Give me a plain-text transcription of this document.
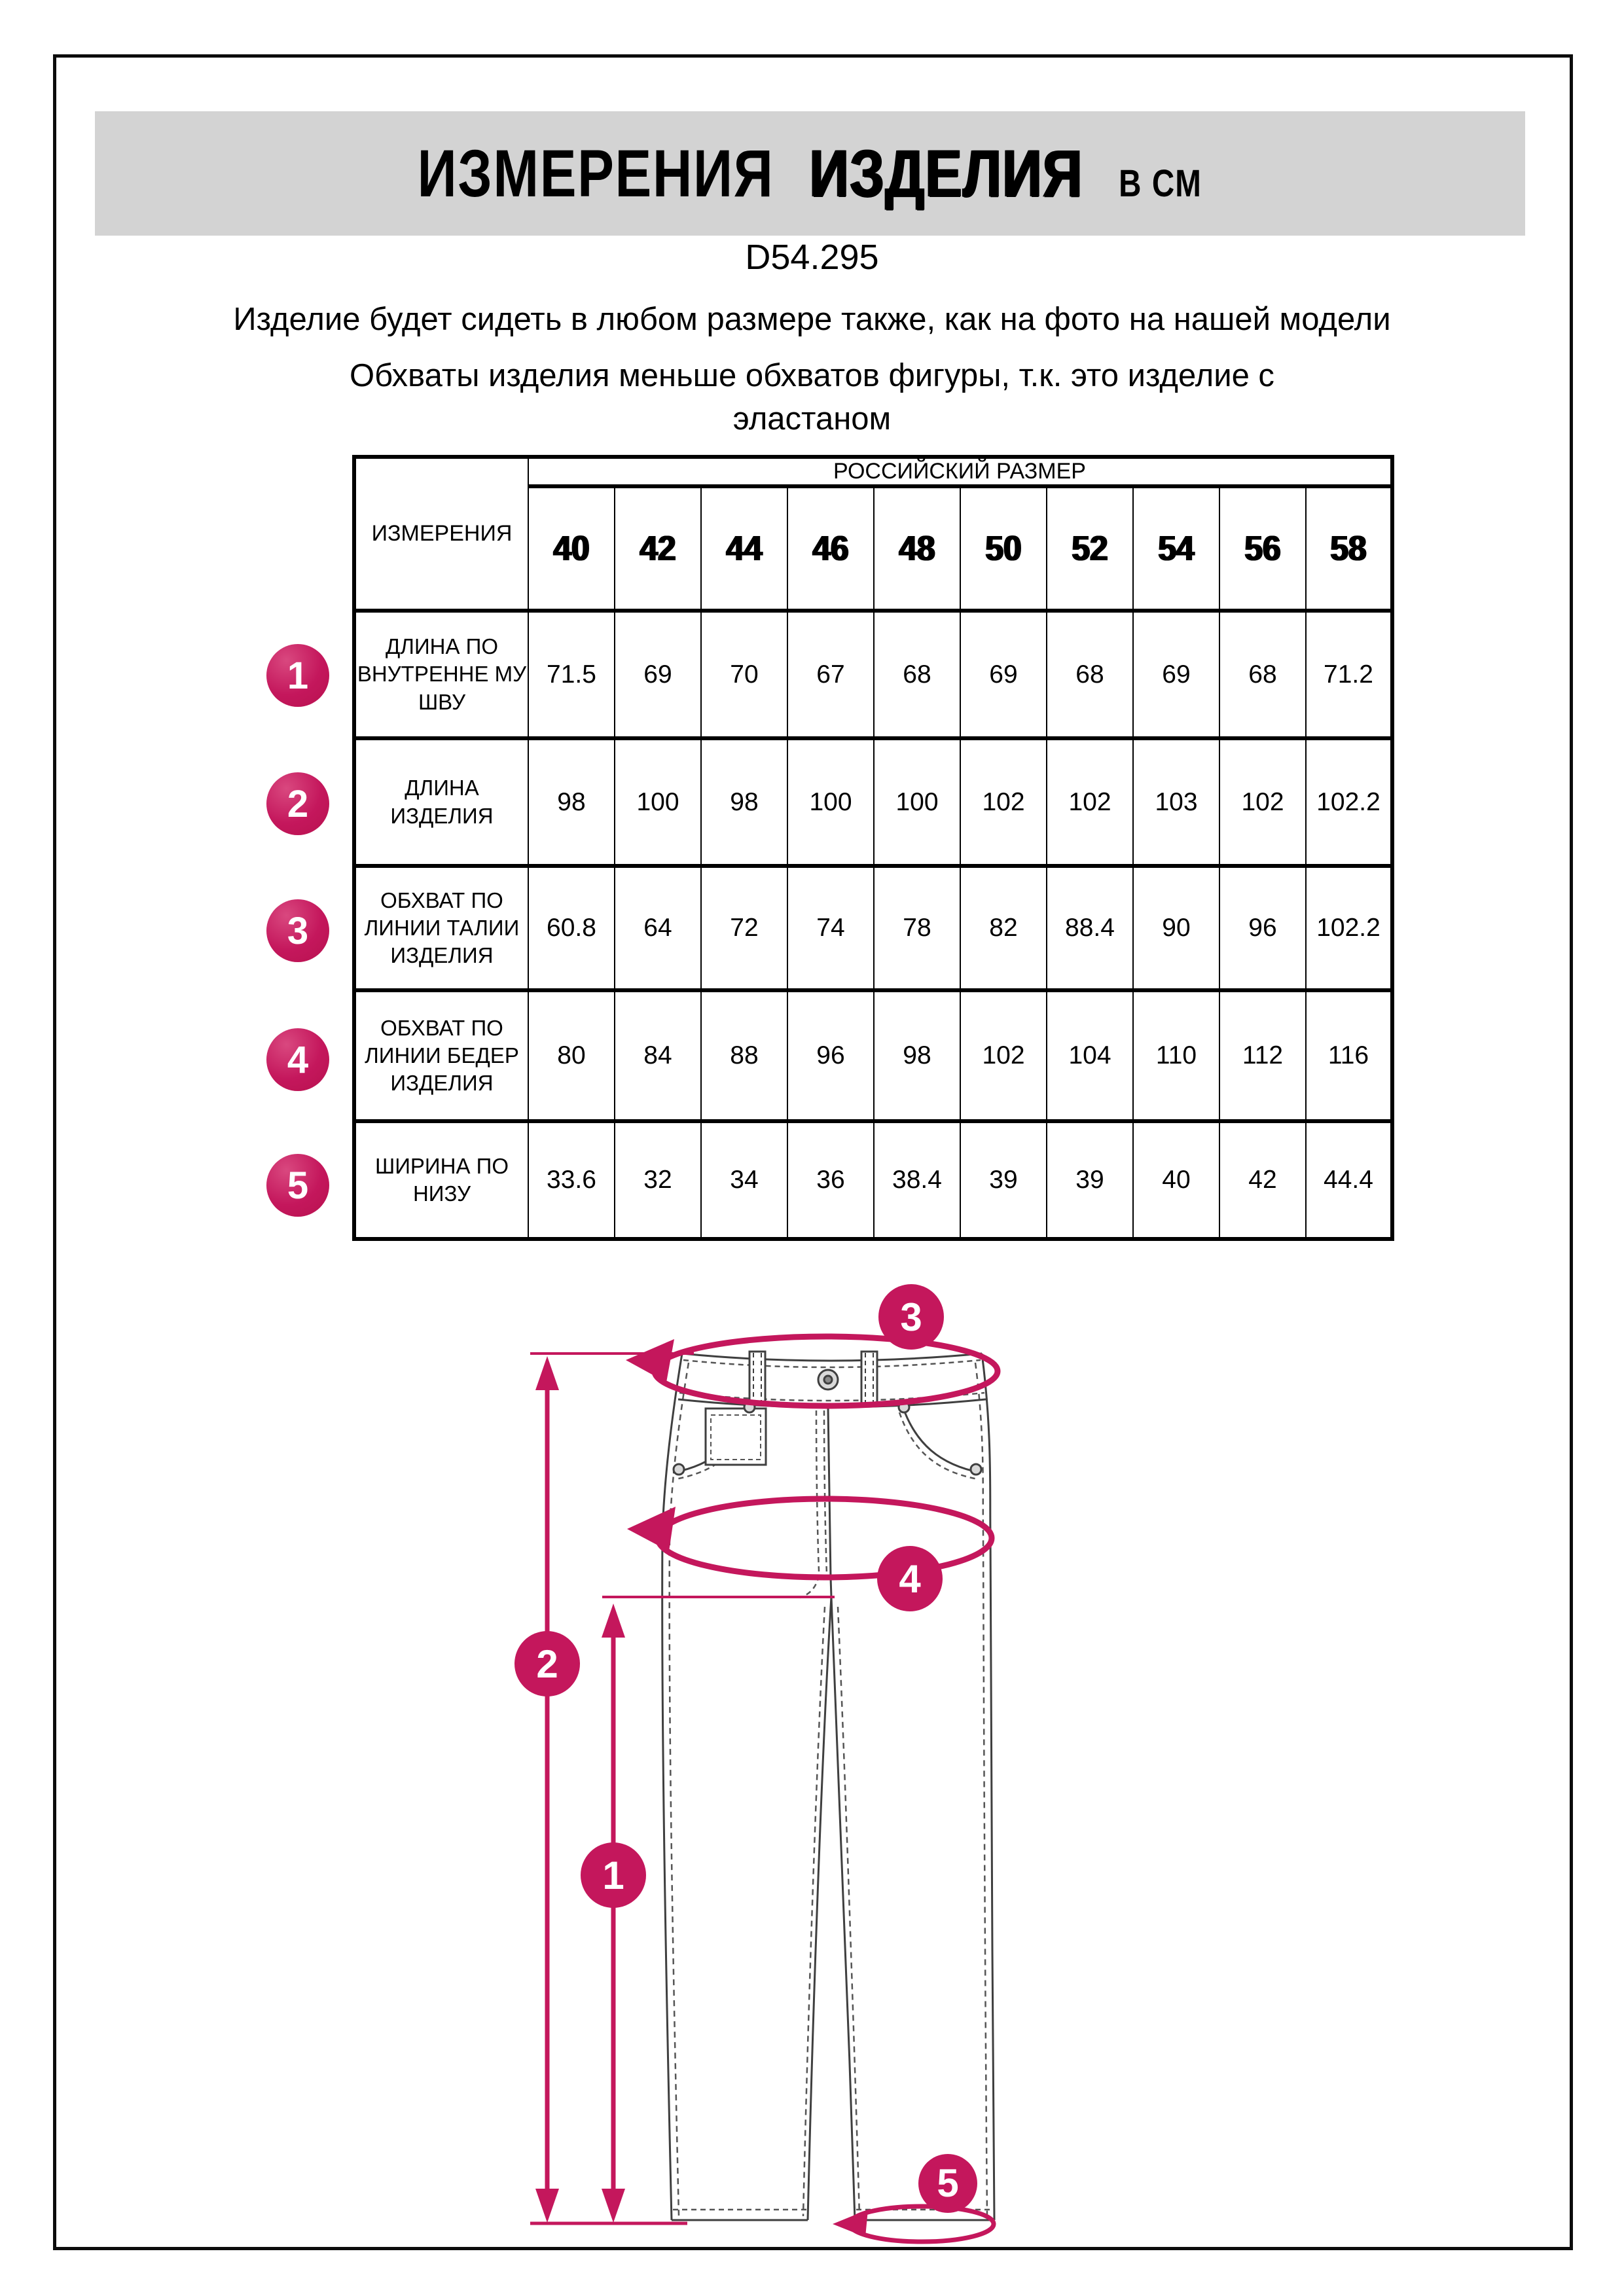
ИЗМЕРЕНИЯ ИЗДЕЛИЯ В СМ
D54.295
Изделие будет сидеть в любом размере также, как на фото на нашей модели
Обхваты изделия меньше обхватов фигуры, т.к. это изделие с
эластаном
ИЗМЕРЕНИЯ	РОССИЙСКИЙ РАЗМЕР									
	40	42	44	46	48	50	52	54	56	58
ДЛИНА ПО ВНУТРЕННЕ МУ ШВУ	71.5	69	70	67	68	69	68	69	68	71.2
ДЛИНА ИЗДЕЛИЯ	98	100	98	100	100	102	102	103	102	102.2
ОБХВАТ ПО ЛИНИИ ТАЛИИ ИЗДЕЛИЯ	60.8	64	72	74	78	82	88.4	90	96	102.2
ОБХВАТ ПО ЛИНИИ БЕДЕР ИЗДЕЛИЯ	80	84	88	96	98	102	104	110	112	116
ШИРИНА ПО НИЗУ	33.6	32	34	36	38.4	39	39	40	42	44.4
1
2
3
4
5
3
4
2
1
5
